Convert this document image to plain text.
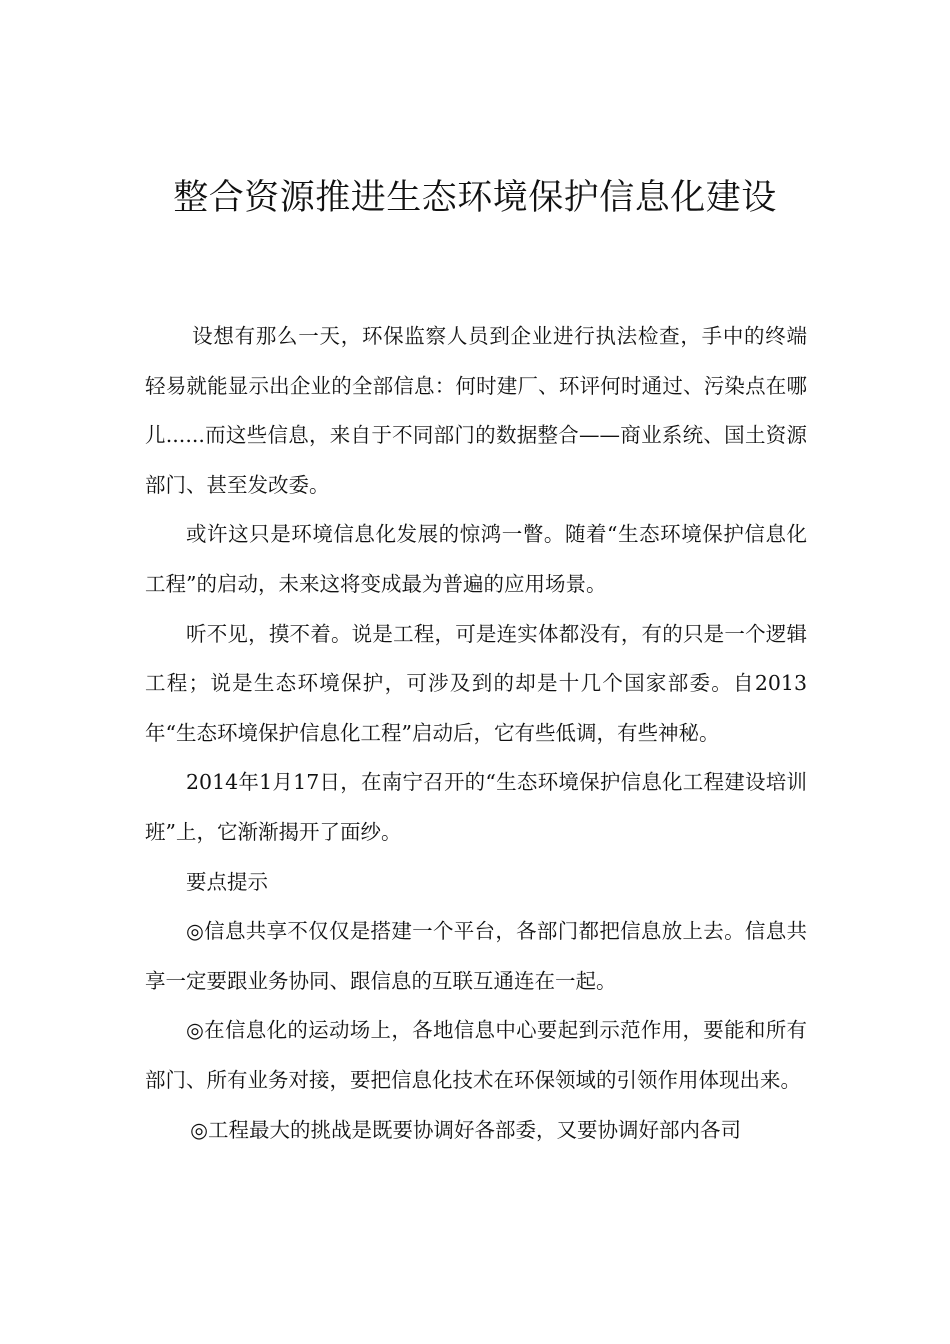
整合资源推进生态环境保护信息化建设

设想有那么一天，环保监察人员到企业进行执法检查，手中的终端轻易就能显示出企业的全部信息：何时建厂、环评何时通过、污染点在哪儿......而这些信息，来自于不同部门的数据整合——商业系统、国土资源部门、甚至发改委。

或许这只是环境信息化发展的惊鸿一瞥。随着“生态环境保护信息化工程”的启动，未来这将变成最为普遍的应用场景。

听不见，摸不着。说是工程，可是连实体都没有，有的只是一个逻辑工程；说是生态环境保护，可涉及到的却是十几个国家部委。自2013年“生态环境保护信息化工程”启动后，它有些低调，有些神秘。

2014年1月17日，在南宁召开的“生态环境保护信息化工程建设培训班”上，它渐渐揭开了面纱。

要点提示

◎信息共享不仅仅是搭建一个平台，各部门都把信息放上去。信息共享一定要跟业务协同、跟信息的互联互通连在一起。

◎在信息化的运动场上，各地信息中心要起到示范作用，要能和所有部门、所有业务对接，要把信息化技术在环保领域的引领作用体现出来。

◎工程最大的挑战是既要协调好各部委，又要协调好部内各司
